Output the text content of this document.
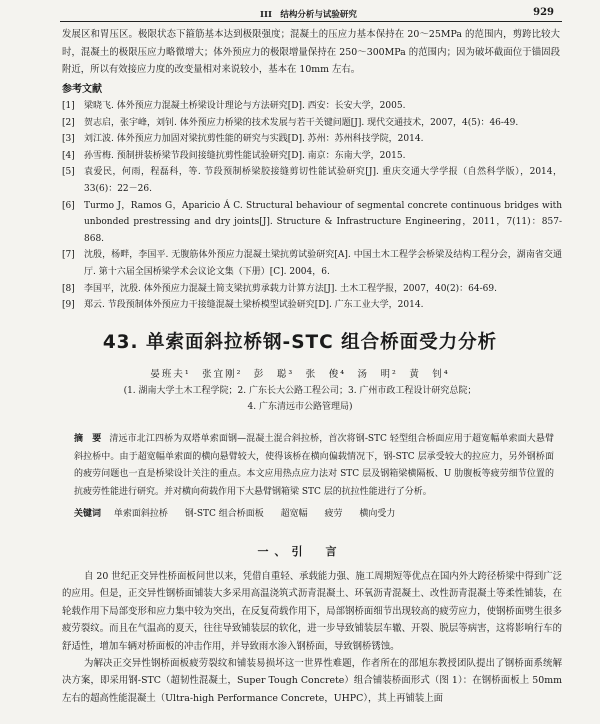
III　结构分析与试验研究	929
发展区和胃压区。极限状态下箍筋基本达到极限强度；混凝土的压应力基本保持在 20～25MPa 的范围内，剪跨比较大时，混凝土的极限压应力略微增大；体外预应力的极限增量保持在 250～300MPa 的范围内；因为破坏截面位于锚固段附近，所以有效接应力度的改变量相对来说较小，基本在 10mm 左右。
参考文献
[1]	梁晓飞. 体外预应力混凝土桥梁设计理论与方法研究[D]. 西安：长安大学，2005.
[2]	贺志启，张宇峰，刘钊. 体外预应力桥梁的技术发展与若干关键问题[J]. 现代交通技术，2007，4(5)：46-49.
[3]	刘江波. 体外预应力加固对梁抗剪性能的研究与实践[D]. 苏州：苏州科技学院，2014.
[4]	孙雪梅. 预制拼装桥梁节段间接缝抗剪性能试验研究[D]. 南京：东南大学，2015.
[5]	袁爱民，何雨，程磊科，等. 节段预制桥梁胶接缝剪切性能试验研究[J]. 重庆交通大学学报（自然科学版），2014，33(6)：22－26.
[6]	Turmo J，Ramos G，Aparicio Á C. Structural behaviour of segmental concrete continuous bridges with unbonded prestressing and dry joints[J]. Structure & Infrastructure Engineering，2011，7(11)：857-868.
[7]	沈殷，杨畔，李国平. 无腹筋体外预应力混凝土梁抗剪试验研究[A]. 中国土木工程学会桥梁及结构工程分会，湖南省交通厅. 第十六届全国桥梁学术会议论文集（下册）[C]. 2004，6.
[8]	李国平，沈殷. 体外预应力混凝土简支梁抗剪承载力计算方法[J]. 土木工程学报，2007，40(2)：64-69.
[9]	郑云. 节段预制体外预应力干接缝混凝土梁桥模型试验研究[D]. 广东工业大学，2014.
43. 单索面斜拉桥钢-STC 组合桥面受力分析
晏班夫¹　张宜刚²　彭　聪³　张　俊⁴　汤　明²　黄　钊⁴
(1. 湖南大学土木工程学院；2. 广东长大公路工程公司；3. 广州市政工程设计研究总院；
4. 广东清远市公路管理局)
摘　要 清远市北江四桥为双塔单索面钢—混凝土混合斜拉桥，首次将钢-STC 轻型组合桥面应用于超宽幅单索面大悬臂斜拉桥中。由于超宽幅单索面的横向悬臂较大，使得该桥在横向偏载情况下，钢-STC 层承受较大的拉应力，另外钢桥面的疲劳问题也一直是桥梁设计关注的重点。本文应用热点应力法对 STC 层及钢箱梁横隔板、U 肋腹板等疲劳细节位置的抗疲劳性能进行研究。并对横向荷载作用下大悬臂钢箱梁 STC 层的抗拉性能进行了分析。
关键词 单索面斜拉桥 钢-STC 组合桥面板 超宽幅 疲劳 横向受力
一、引　言

自 20 世纪正交异性桥面板问世以来，凭借自重轻、承载能力强、施工周期短等优点在国内外大跨径桥梁中得到广泛的应用。但是，正交异性钢桥面铺装大多采用高温浇筑式沥青混凝土、环氧沥青混凝土、改性沥青混凝土等柔性铺装，在轮载作用下局部变形和应力集中较为突出，在反复荷载作用下，局部钢桥面细节出现较高的疲劳应力，使钢桥面劈生很多疲劳裂纹。而且在气温高的夏天，往往导致铺装层的软化，进一步导致铺装层车辙、开裂、脱层等病害，这将影响行车的舒适性，增加车辆对桥面板的冲击作用，并导致雨水渗入钢桥面，导致钢桥锈蚀。

为解决正交异性钢桥面板疲劳裂纹和铺装易损坏这一世界性难题，作者所在的邵旭东教授团队提出了钢桥面系统解决方案，即采用钢-STC（超韧性混凝土，Super Tough Concrete）组合铺装桥面形式（图 1）：在钢桥面板上 50mm 左右的超高性能混凝土（Ultra-high Performance Concrete，UHPC），其上再铺装上面
